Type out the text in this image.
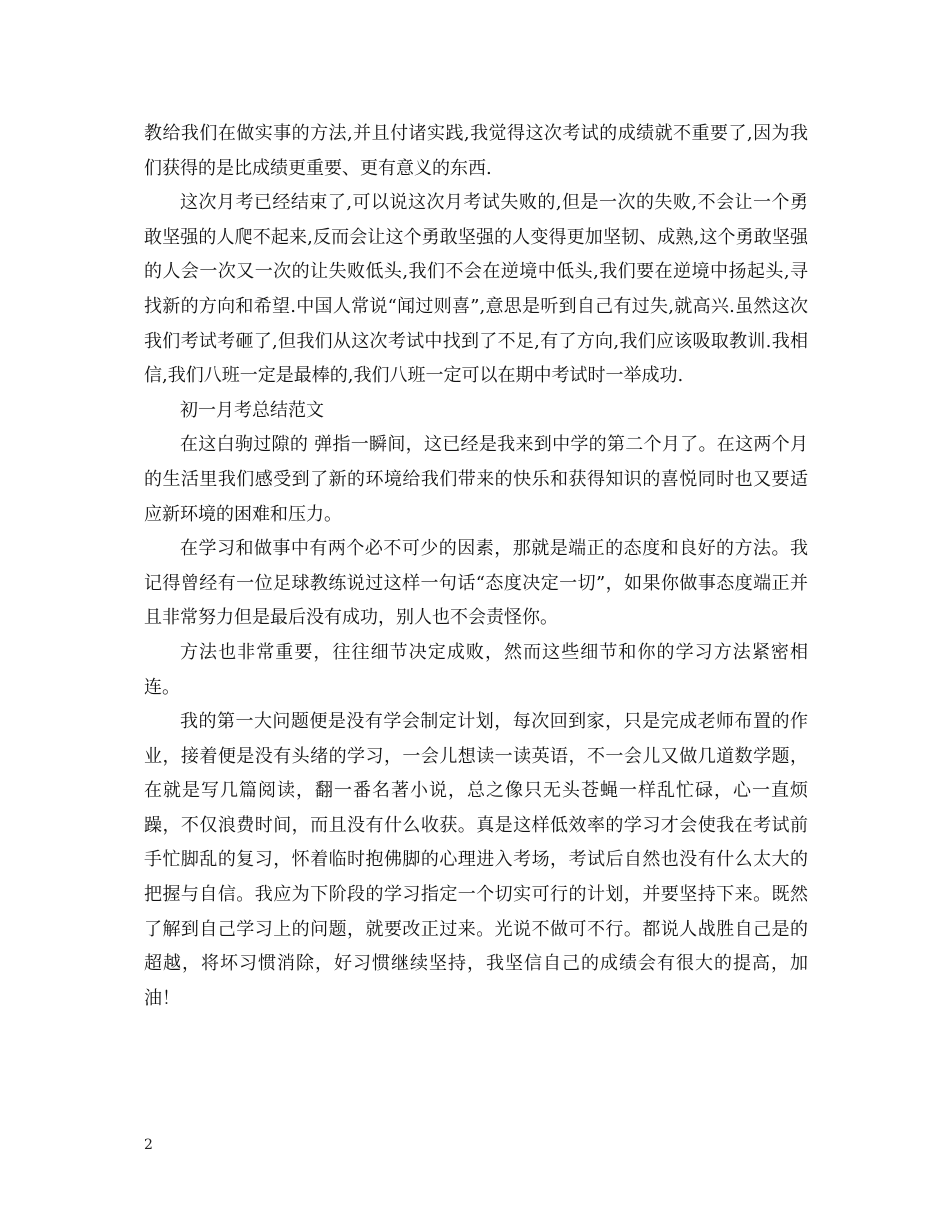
教给我们在做实事的方法,并且付诸实践,我觉得这次考试的成绩就不重要了,因为我们获得的是比成绩更重要、更有意义的东西.

这次月考已经结束了,可以说这次月考试失败的,但是一次的失败,不会让一个勇敢坚强的人爬不起来,反而会让这个勇敢坚强的人变得更加坚韧、成熟,这个勇敢坚强的人会一次又一次的让失败低头,我们不会在逆境中低头,我们要在逆境中扬起头,寻找新的方向和希望.中国人常说“闻过则喜”,意思是听到自己有过失,就高兴.虽然这次我们考试考砸了,但我们从这次考试中找到了不足,有了方向,我们应该吸取教训.我相信,我们八班一定是最棒的,我们八班一定可以在期中考试时一举成功.

初一月考总结范文

在这白驹过隙的 弹指一瞬间，这已经是我来到中学的第二个月了。在这两个月的生活里我们感受到了新的环境给我们带来的快乐和获得知识的喜悦同时也又要适应新环境的困难和压力。

在学习和做事中有两个必不可少的因素，那就是端正的态度和良好的方法。我记得曾经有一位足球教练说过这样一句话“态度决定一切”，如果你做事态度端正并且非常努力但是最后没有成功，别人也不会责怪你。

方法也非常重要，往往细节决定成败，然而这些细节和你的学习方法紧密相连。

我的第一大问题便是没有学会制定计划，每次回到家，只是完成老师布置的作业，接着便是没有头绪的学习，一会儿想读一读英语，不一会儿又做几道数学题，在就是写几篇阅读，翻一番名著小说，总之像只无头苍蝇一样乱忙碌，心一直烦躁，不仅浪费时间，而且没有什么收获。真是这样低效率的学习才会使我在考试前手忙脚乱的复习，怀着临时抱佛脚的心理进入考场，考试后自然也没有什么太大的把握与自信。我应为下阶段的学习指定一个切实可行的计划，并要坚持下来。既然了解到自己学习上的问题，就要改正过来。光说不做可不行。都说人战胜自己是的超越，将坏习惯消除，好习惯继续坚持，我坚信自己的成绩会有很大的提高，加油！

2
